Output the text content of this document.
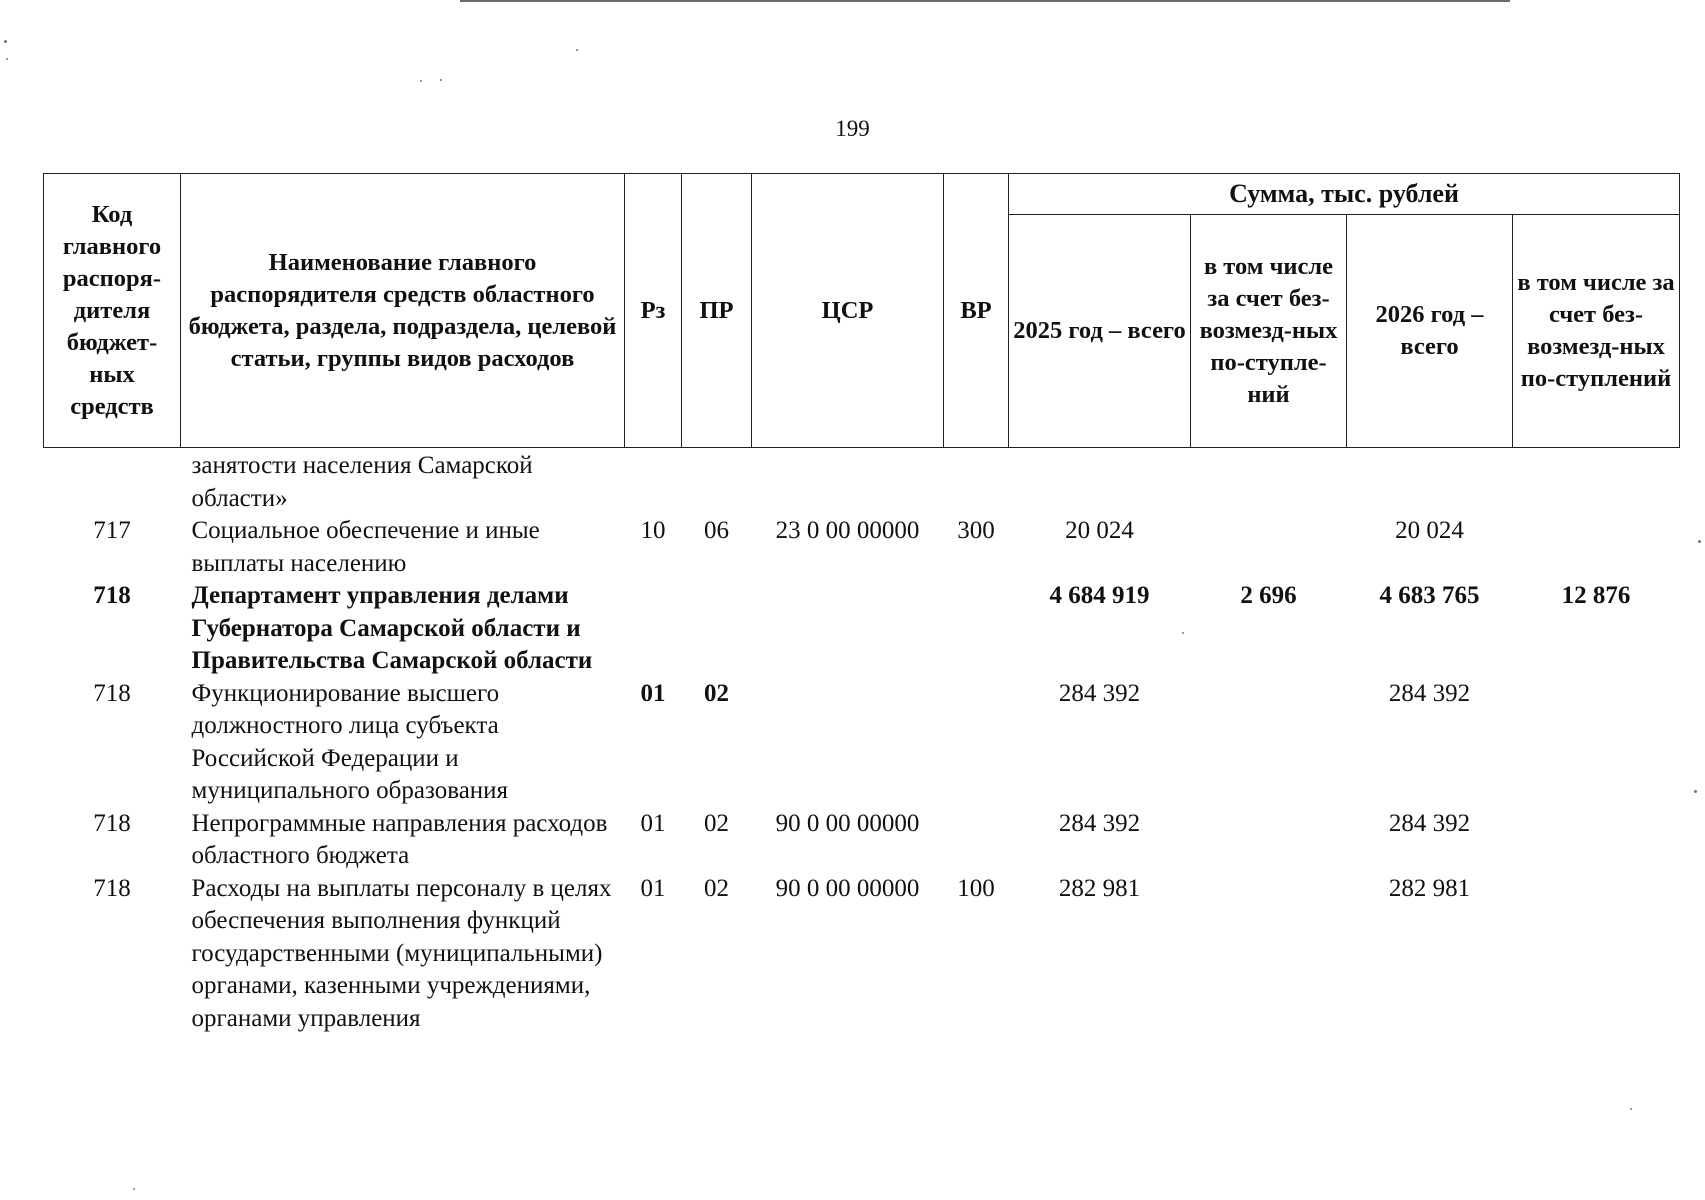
199
Код главного распоря-дителя бюджет-ных средств	Наименование главного распорядителя средств областного бюджета, раздела, подраздела, целевой статьи, группы видов расходов	Рз	ПР	ЦСР	ВР	Сумма, тыс. рублей			
						2025 год – всего	в том числе за счет без-возмезд-ных по-ступле-ний	2026 год – всего	в том числе за счет без-возмезд-ных по-ступлений
	занятости населения Самарской области»								
717	Социальное обеспечение и иные выплаты населению	10	06	23 0 00 00000	300	20 024		20 024	
718	Департамент управления делами Губернатора Самарской области и Правительства Самарской области					4 684 919	2 696	4 683 765	12 876
718	Функционирование высшего должностного лица субъекта Российской Федерации и муниципального образования	01	02			284 392		284 392	
718	Непрограммные направления расходов областного бюджета	01	02	90 0 00 00000		284 392		284 392	
718	Расходы на выплаты персоналу в целях обеспечения выполнения функций государственными (муниципальными) органами, казенными учреждениями, органами управления	01	02	90 0 00 00000	100	282 981		282 981	
